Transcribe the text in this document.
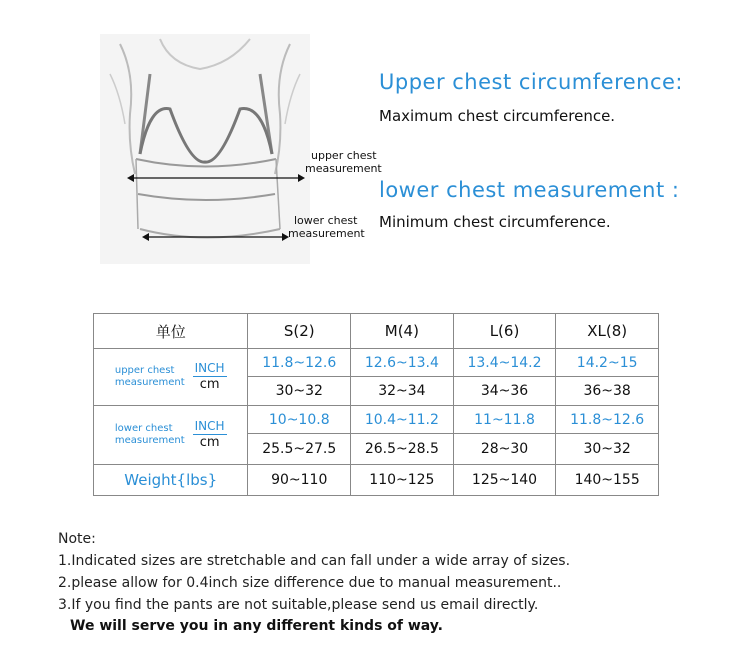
upper chest
measurement
lower chest
measurement
Upper chest circumference:
Maximum chest circumference.
lower chest measurement :
Minimum chest circumference.
单位	S(2)	M(4)	L(6)	XL(8)

upper chest
measurement $\frac{\text{INCH}}{cm}$	11.8~12.6	12.6~13.4	13.4~14.2	14.2~15
	30~32	32~34	34~36	36~38

lower chest
measurement $\frac{\text{INCH}}{cm}$	10~10.8	10.4~11.2	11~11.8	11.8~12.6
	25.5~27.5	26.5~28.5	28~30	30~32
Weight{lbs}	90~110	110~125	125~140	140~155
Note:
1.Indicated sizes are stretchable and can fall under a wide array of sizes.
2.please allow for 0.4inch size difference due to manual measurement..
3.If you find the pants are not suitable,please send us email directly.
We will serve you in any different kinds of way.
